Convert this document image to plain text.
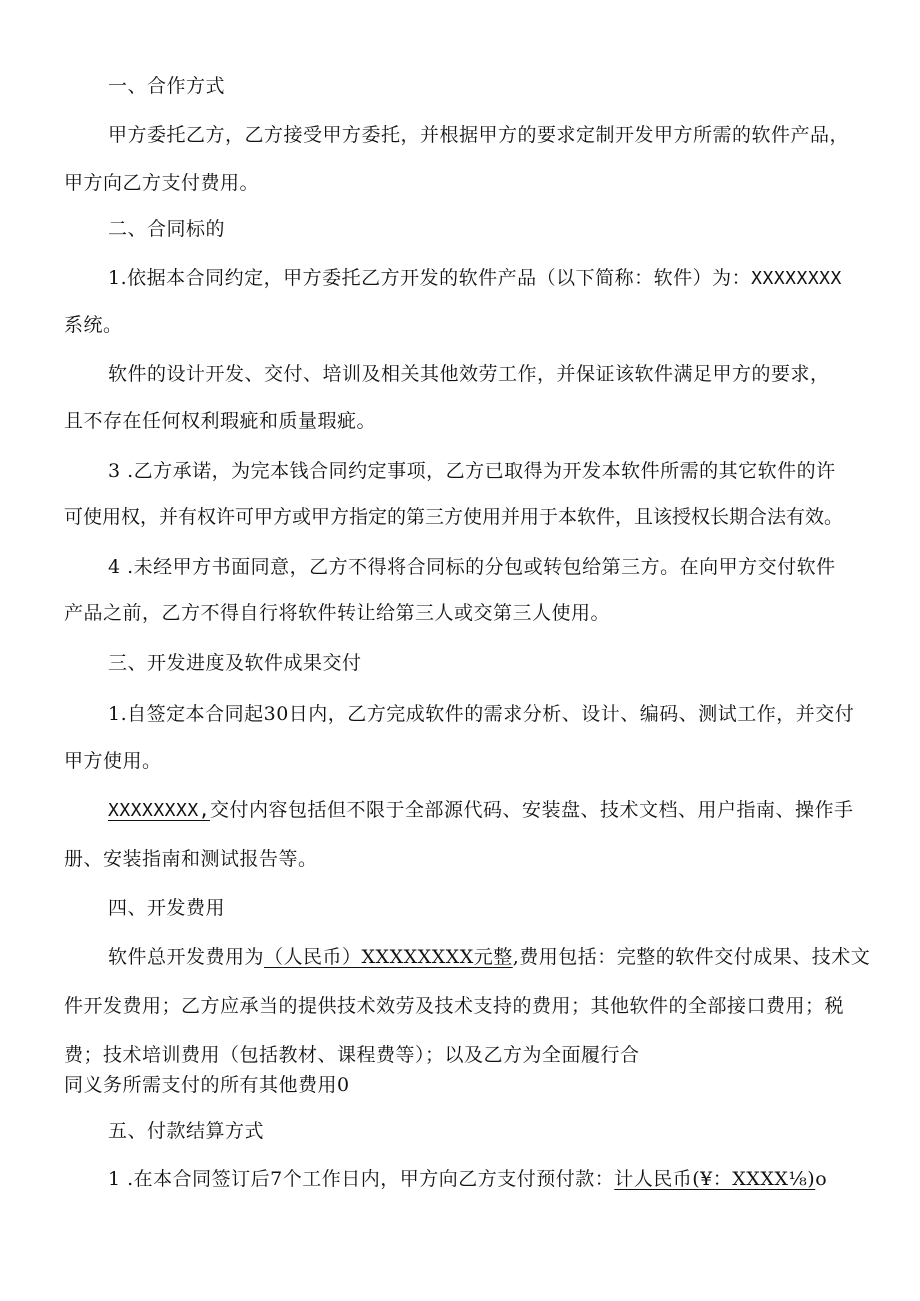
一、合作方式
甲方委托乙方，乙方接受甲方委托，并根据甲方的要求定制开发甲方所需的软件产品，
甲方向乙方支付费用。
二、合同标的
1.依据本合同约定，甲方委托乙方开发的软件产品（以下简称：软件）为：XXXXXXXX
系统。
软件的设计开发、交付、培训及相关其他效劳工作，并保证该软件满足甲方的要求，
且不存在任何权利瑕疵和质量瑕疵。
3 .乙方承诺，为完本钱合同约定事项，乙方已取得为开发本软件所需的其它软件的许
可使用权，并有权许可甲方或甲方指定的第三方使用并用于本软件，且该授权长期合法有效。
4 .未经甲方书面同意，乙方不得将合同标的分包或转包给第三方。在向甲方交付软件
产品之前，乙方不得自行将软件转让给第三人或交第三人使用。
三、开发进度及软件成果交付
1.自签定本合同起30日内，乙方完成软件的需求分析、设计、编码、测试工作，并交付
甲方使用。
XXXXXXXX,交付内容包括但不限于全部源代码、安装盘、技术文档、用户指南、操作手
册、安装指南和测试报告等。
四、开发费用
软件总开发费用为（人民币）XXXXXXXX元整,费用包括：完整的软件交付成果、技术文
件开发费用；乙方应承当的提供技术效劳及技术支持的费用；其他软件的全部接口费用；税
费；技术培训费用（包括教材、课程费等）；以及乙方为全面履行合
同义务所需支付的所有其他费用0
五、付款结算方式
1 .在本合同签订后7个工作日内，甲方向乙方支付预付款：计人民币(¥：XXXX⅛)o
